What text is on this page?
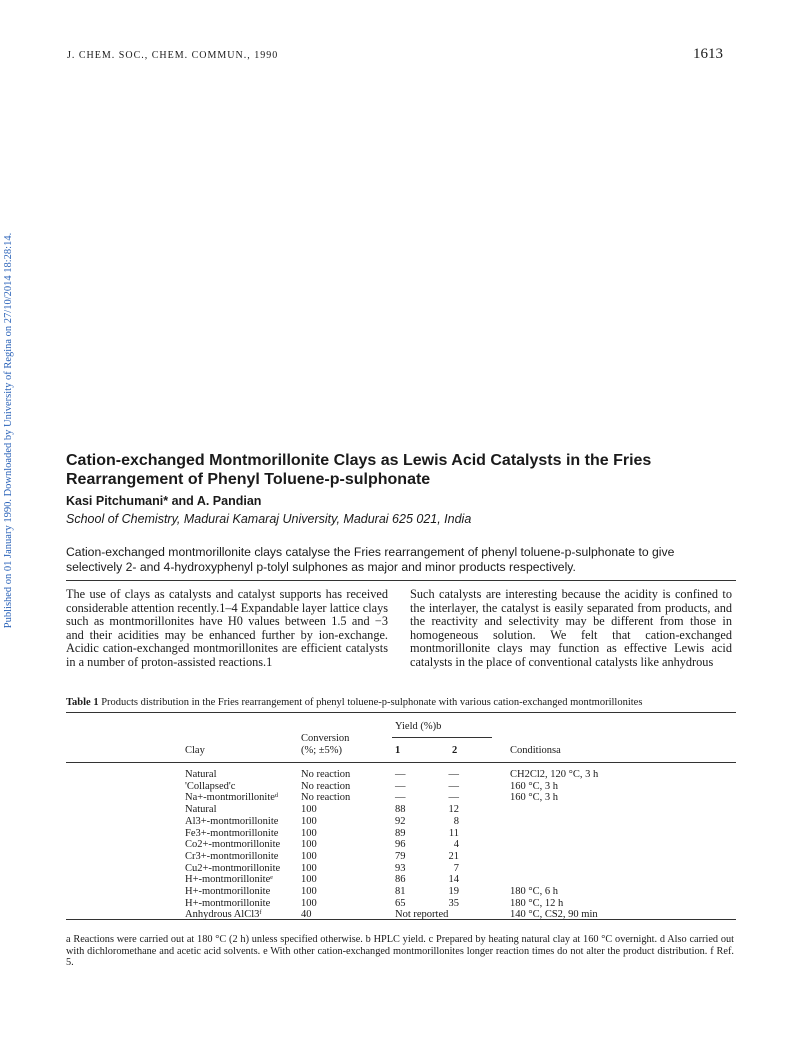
J. CHEM. SOC., CHEM. COMMUN., 1990	1613
Published on 01 January 1990. Downloaded by University of Regina on 27/10/2014 18:28:14.	Cation-exchanged Montmorillonite Clays as Lewis Acid Catalysts in the Fries Rearrangement of Phenyl Toluene-p-sulphonate
Kasi Pitchumani* and A. Pandian
School of Chemistry, Madurai Kamaraj University, Madurai 625 021, India
Cation-exchanged montmorillonite clays catalyse the Fries rearrangement of phenyl toluene-p-sulphonate to give selectively 2- and 4-hydroxyphenyl p-tolyl sulphones as major and minor products respectively.
The use of clays as catalysts and catalyst supports has received considerable attention recently.1–4 Expandable layer lattice clays such as montmorillonites have H0 values between 1.5 and −3 and their acidities may be enhanced further by ion-exchange. Acidic cation-exchanged montmorillonites are efficient catalysts in a number of proton-assisted reactions.1
Such catalysts are interesting because the acidity is confined to the interlayer, the catalyst is easily separated from products, and the reactivity and selectivity may be different from those in homogeneous solution. We felt that cation-exchanged montmorillonite clays may function as effective Lewis acid catalysts in the place of conventional catalysts like anhydrous
Table 1 Products distribution in the Fries rearrangement of phenyl toluene-p-sulphonate with various cation-exchanged montmorillonites
Yield (%)b
Conversion
(%; ±5%)
Clay	1	2	Conditionsa
Natural	No reaction	—	—	CH2Cl2, 120 °C, 3 h
'Collapsed'c	No reaction	—	—	160 °C, 3 h
Na+-montmorilloniteᵈ No reaction	—	—	160 °C, 3 h
Natural	100	88	12
Al3+-montmorillonite 100	92	8
Fe3+-montmorillonite 100	89	11
Co2+-montmorillonite 100	96	4
Cr3+-montmorillonite 100	79	21
Cu2+-montmorillonite 100	93	7
H+-montmorilloniteᵉ	100	86	14
H+-montmorillonite	100	81	19	180 °C, 6 h
H+-montmorillonite	100	65	35	180 °C, 12 h
Anhydrous AlCl3ᶠ	40	Not reported	140 °C, CS2, 90 min
a Reactions were carried out at 180 °C (2 h) unless specified otherwise. b HPLC yield. c Prepared by heating natural clay at 160 °C overnight. d Also carried out with dichloromethane and acetic acid solvents. e With other cation-exchanged montmorillonites longer reaction times do not alter the product distribution. f Ref. 5.
